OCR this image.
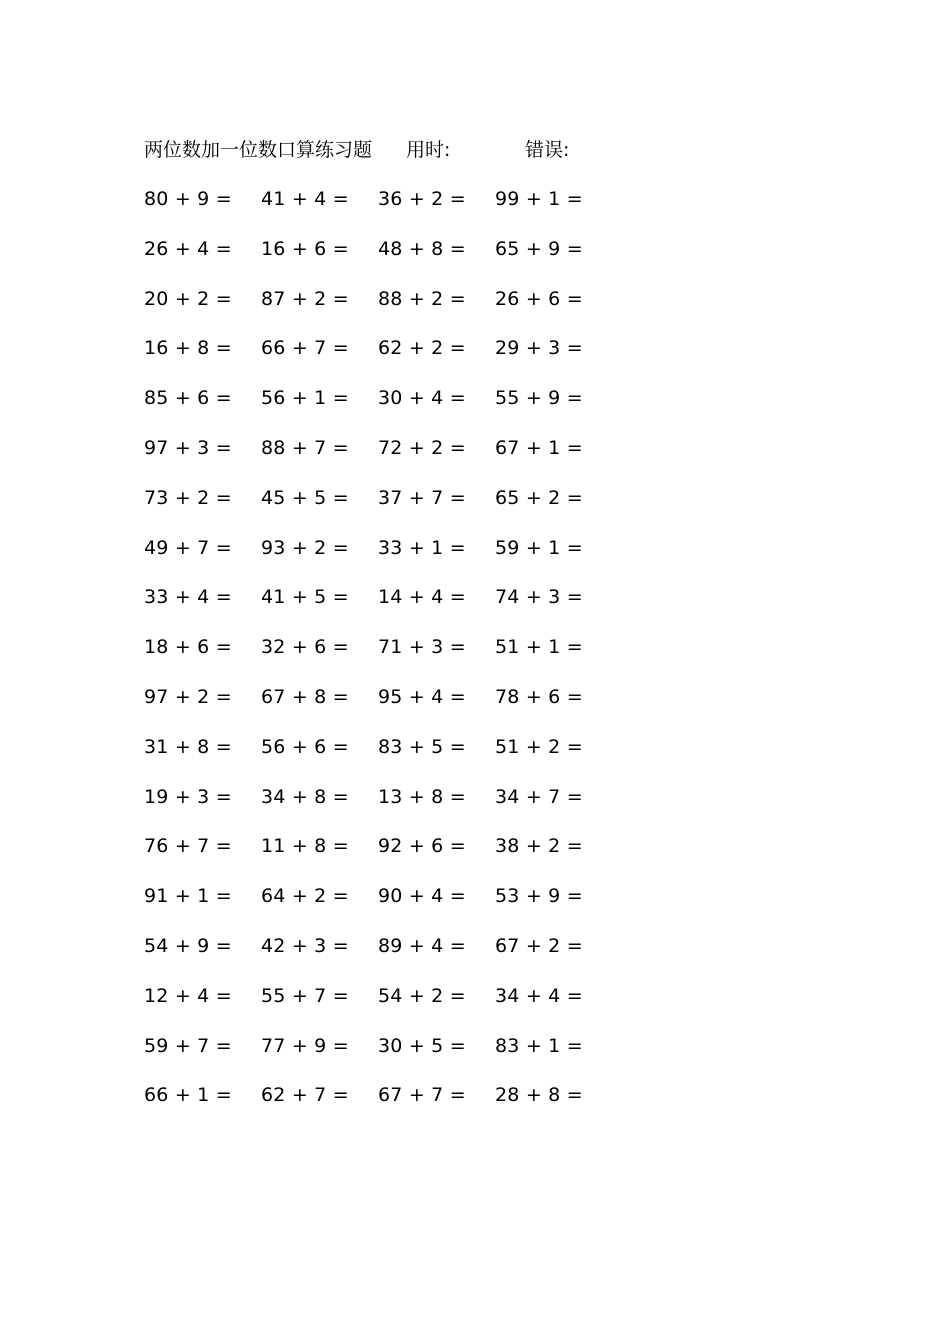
两位数加一位数口算练习题 用时:	错误:
80 + 9 = 41 + 4 = 36 + 2 = 99 + 1 =
26 + 4 = 16 + 6 = 48 + 8 = 65 + 9 =
20 + 2 = 87 + 2 = 88 + 2 = 26 + 6 =
16 + 8 = 66 + 7 = 62 + 2 = 29 + 3 =
85 + 6 = 56 + 1 = 30 + 4 = 55 + 9 =
97 + 3 = 88 + 7 = 72 + 2 = 67 + 1 =
73 + 2 = 45 + 5 = 37 + 7 = 65 + 2 =
49 + 7 = 93 + 2 = 33 + 1 = 59 + 1 =
33 + 4 = 41 + 5 = 14 + 4 = 74 + 3 =
18 + 6 = 32 + 6 = 71 + 3 = 51 + 1 =
97 + 2 = 67 + 8 = 95 + 4 = 78 + 6 =
31 + 8 = 56 + 6 = 83 + 5 = 51 + 2 =
19 + 3 = 34 + 8 = 13 + 8 = 34 + 7 =
76 + 7 = 11 + 8 = 92 + 6 = 38 + 2 =
91 + 1 = 64 + 2 = 90 + 4 = 53 + 9 =
54 + 9 = 42 + 3 = 89 + 4 = 67 + 2 =
12 + 4 = 55 + 7 = 54 + 2 = 34 + 4 =
59 + 7 = 77 + 9 = 30 + 5 = 83 + 1 =
66 + 1 = 62 + 7 = 67 + 7 = 28 + 8 =
